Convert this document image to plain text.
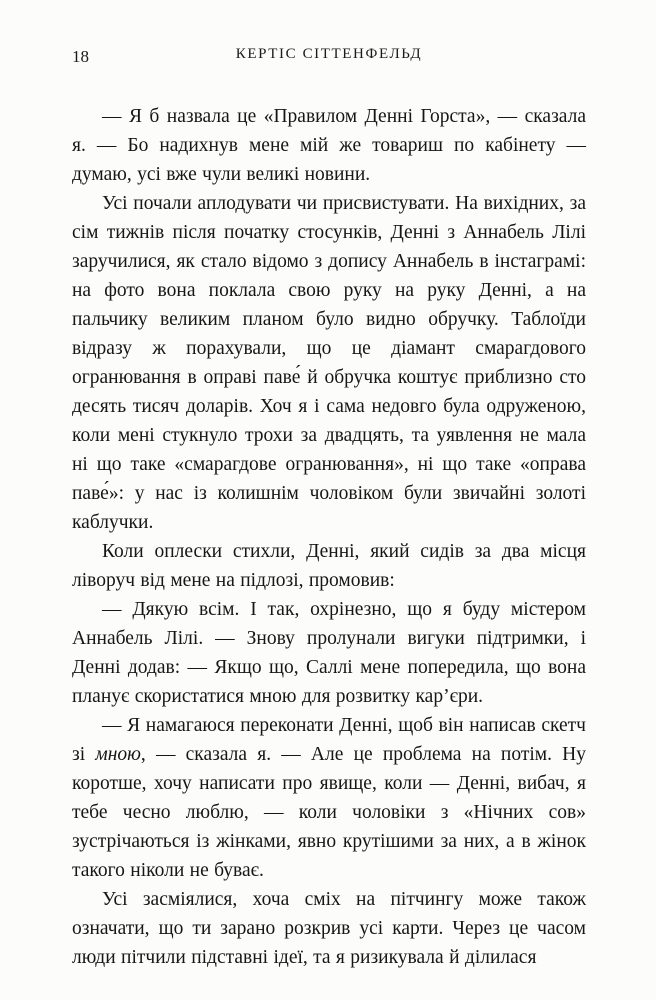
18	КЕРТІС СІТТЕНФЕЛЬД

— Я б назвала це «Правилом Денні Горста», — сказала я. — Бо надихнув мене мій же товариш по кабінету — думаю, усі вже чули великі новини.

Усі почали аплодувати чи присвистувати. На вихідних, за сім тижнів після початку стосунків, Денні з Аннабель Лілі заручилися, як стало відомо з допису Аннабель в інстаграмі: на фото вона поклала свою руку на руку Денні, а на пальчику великим планом було видно обручку. Таблоїди відразу ж порахували, що це діамант смарагдового огранювання в оправі паве́ й обручка коштує приблизно сто десять тисяч доларів. Хоч я і сама недовго була одруженою, коли мені стукнуло трохи за двадцять, та уявлення не мала ні що таке «смарагдове огранювання», ні що таке «оправа паве́»: у нас із колишнім чоловіком були звичайні золоті каблучки.

Коли оплески стихли, Денні, який сидів за два місця ліворуч від мене на підлозі, промовив:

— Дякую всім. І так, охрінезно, що я буду містером Аннабель Лілі. — Знову пролунали вигуки підтримки, і Денні додав: — Якщо що, Саллі мене попередила, що вона планує скористатися мною для розвитку кар’єри.

— Я намагаюся переконати Денні, щоб він написав скетч зі мною, — сказала я. — Але це проблема на потім. Ну коротше, хочу написати про явище, коли — Денні, вибач, я тебе чесно люблю, — коли чоловіки з «Нічних сов» зустрічаються із жінками, явно крутішими за них, а в жінок такого ніколи не буває.

Усі засміялися, хоча сміх на пітчингу може також означати, що ти зарано розкрив усі карти. Через це часом люди пітчили підставні ідеї, та я ризикувала й ділилася
